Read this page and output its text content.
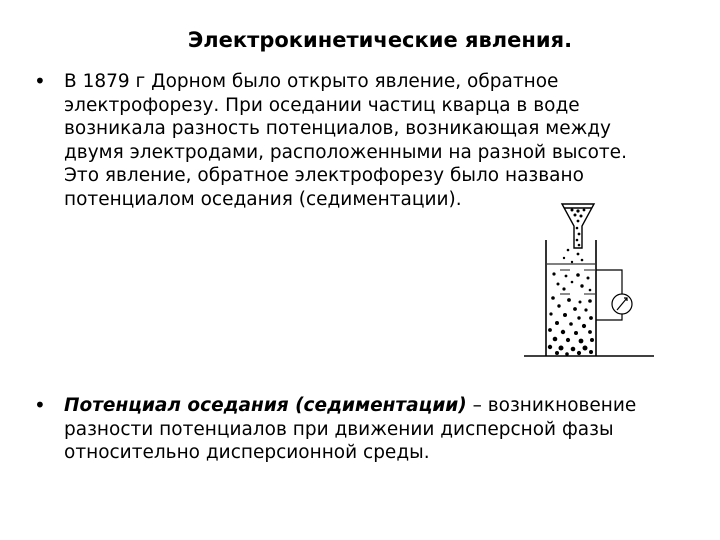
Электрокинетические явления.
• В 1879 г Дорном было открыто явление, обратное электрофорезу. При оседании частиц кварца в воде возникала разность потенциалов, возникающая между двумя электродами, расположенными на разной высоте. Это явление, обратное электрофорезу было названо потенциалом оседания (седиментации).
• Потенциал оседания (седиментации) – возникновение разности потенциалов при движении дисперсной фазы относительно дисперсионной среды.
